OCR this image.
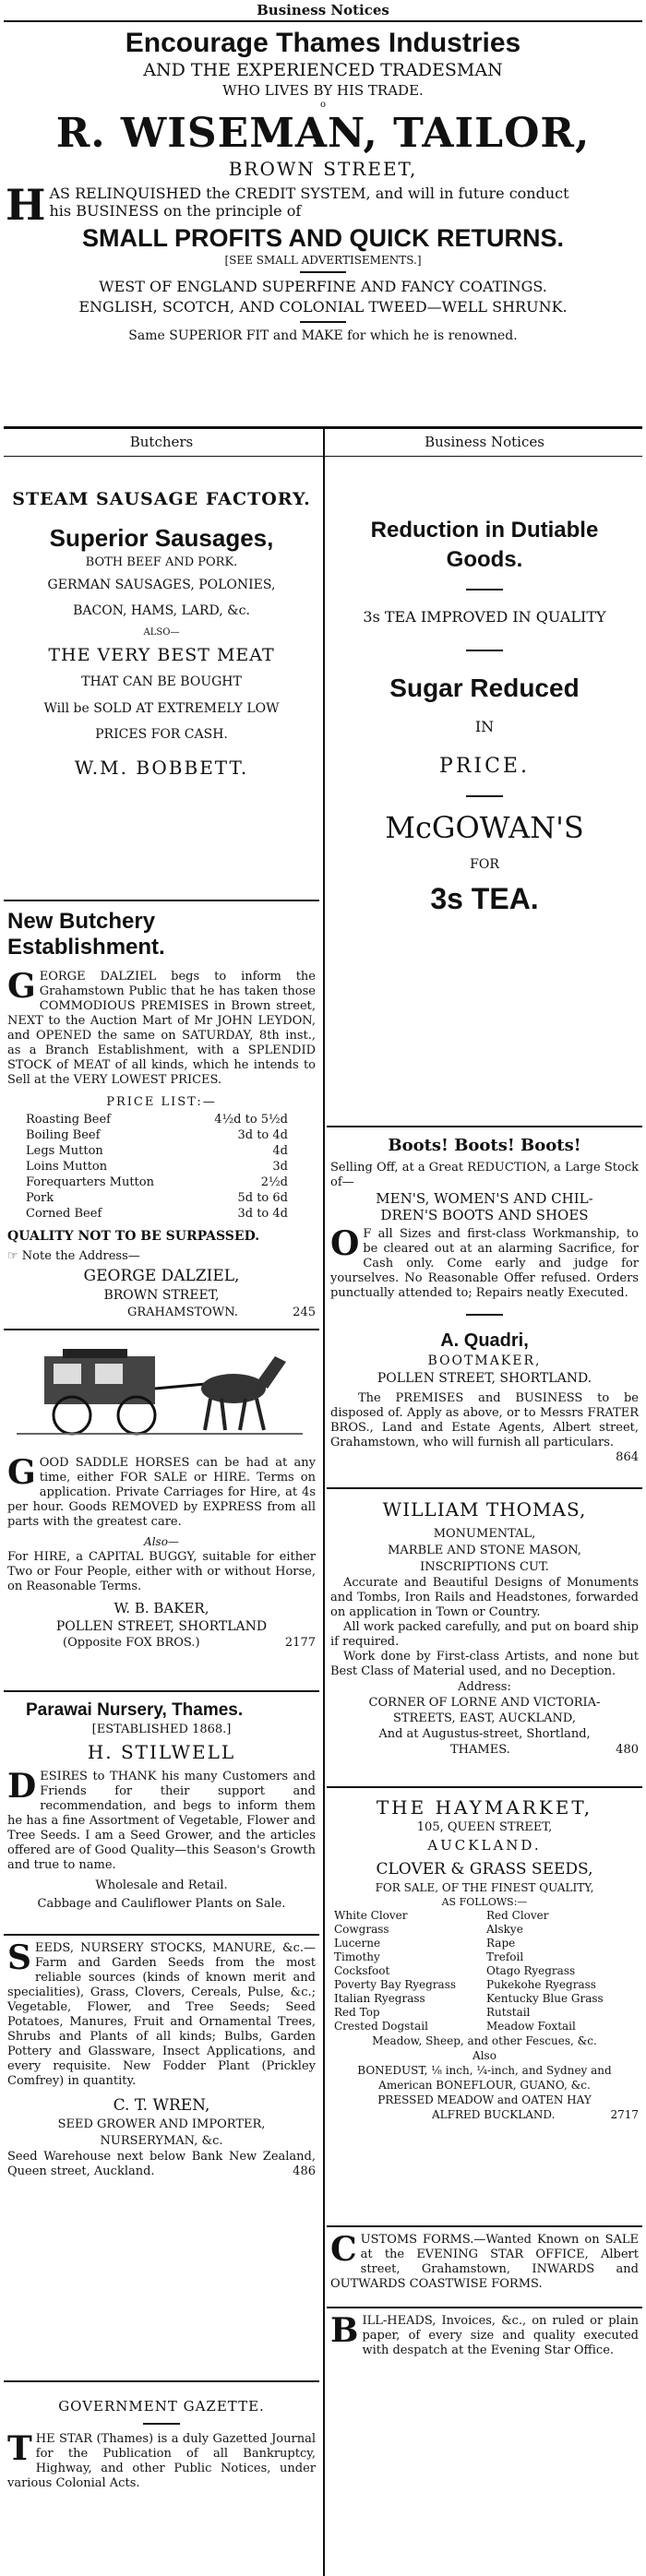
Business Notices
Encourage Thames Industries
AND THE EXPERIENCED TRADESMAN
WHO LIVES BY HIS TRADE.
o
R. WISEMAN, TAILOR,
BROWN STREET,
H AS RELINQUISHED the CREDIT SYSTEM, and will in future conduct
his BUSINESS on the principle of
SMALL PROFITS AND QUICK RETURNS.
[SEE SMALL ADVERTISEMENTS.]
WEST OF ENGLAND SUPERFINE AND FANCY COATINGS.
ENGLISH, SCOTCH, AND COLONIAL TWEED—WELL SHRUNK.
Same SUPERIOR FIT and MAKE for which he is renowned.
Butchers	Business Notices
STEAM SAUSAGE FACTORY.
Superior Sausages,
BOTH BEEF AND PORK.
GERMAN SAUSAGES, POLONIES,
BACON, HAMS, LARD, &c.
ALSO—
THE VERY BEST MEAT
THAT CAN BE BOUGHT
Will be SOLD AT EXTREMELY LOW
PRICES FOR CASH.
W.M. BOBBETT.
New Butchery Establishment.
G EORGE DALZIEL begs to inform the Grahamstown Public that he has taken those COMMODIOUS PREMISES in Brown street, NEXT to the Auction Mart of Mr JOHN LEYDON, and OPENED the same on SATURDAY, 8th inst., as a Branch Establishment, with a SPLENDID STOCK of MEAT of all kinds, which he intends to Sell at the VERY LOWEST PRICES.
PRICE LIST:—
Roasting Beef	4½d to 5½d
Boiling Beef	3d to 4d
Legs Mutton	4d
Loins Mutton	3d
Forequarters Mutton	2½d
Pork	5d to 6d
Corned Beef	3d to 4d
QUALITY NOT TO BE SURPASSED.
☞ Note the Address—
GEORGE DALZIEL,
BROWN STREET,
GRAHAMSTOWN.	245
G OOD SADDLE HORSES can be had at any time, either FOR SALE or HIRE. Terms on application. Private Carriages for Hire, at 4s per hour. Goods REMOVED by EXPRESS from all parts with the greatest care.
Also—
For HIRE, a CAPITAL BUGGY, suitable for either Two or Four People, either with or without Horse, on Reasonable Terms.
W. B. BAKER,
POLLEN STREET, SHORTLAND
(Opposite FOX BROS.)	2177
Parawai Nursery, Thames.
[ESTABLISHED 1868.]
H. STILWELL
D ESIRES to THANK his many Customers and Friends for their support and recommendation, and begs to inform them he has a fine Assortment of Vegetable, Flower and Tree Seeds. I am a Seed Grower, and the articles offered are of Good Quality—this Season's Growth and true to name.
Wholesale and Retail.
Cabbage and Cauliflower Plants on Sale.
S EEDS, NURSERY STOCKS, MANURE, &c.—Farm and Garden Seeds from the most reliable sources (kinds of known merit and specialities), Grass, Clovers, Cereals, Pulse, &c.; Vegetable, Flower, and Tree Seeds; Seed Potatoes, Manures, Fruit and Ornamental Trees, Shrubs and Plants of all kinds; Bulbs, Garden Pottery and Glassware, Insect Applications, and every requisite. New Fodder Plant (Prickley Comfrey) in quantity.
C. T. WREN,
SEED GROWER AND IMPORTER,
NURSERYMAN, &c.
Seed Warehouse next below Bank New Zealand, Queen street, Auckland.	486
GOVERNMENT GAZETTE.
T HE STAR (Thames) is a duly Gazetted Journal for the Publication of all Bankruptcy, Highway, and other Public Notices, under various Colonial Acts.
Reduction in Dutiable
Goods.
3s TEA IMPROVED IN QUALITY
Sugar Reduced
IN
PRICE.
McGOWAN'S
FOR
3s TEA.
Boots! Boots! Boots!
Selling Off, at a Great REDUCTION, a Large Stock of—
MEN'S, WOMEN'S AND CHIL-
DREN'S BOOTS AND SHOES
O F all Sizes and first-class Workmanship, to be cleared out at an alarming Sacrifice, for Cash only. Come early and judge for yourselves. No Reasonable Offer refused. Orders punctually attended to; Repairs neatly Executed.
A. Quadri,
BOOTMAKER,
POLLEN STREET, SHORTLAND.
The PREMISES and BUSINESS to be disposed of. Apply as above, or to Messrs FRATER BROS., Land and Estate Agents, Albert street, Grahamstown, who will furnish all particulars.
864
WILLIAM THOMAS,
MONUMENTAL,
MARBLE AND STONE MASON,
INSCRIPTIONS CUT.
Accurate and Beautiful Designs of Monuments and Tombs, Iron Rails and Headstones, forwarded on application in Town or Country.
All work packed carefully, and put on board ship if required.
Work done by First-class Artists, and none but Best Class of Material used, and no Deception.
Address:
CORNER OF LORNE AND VICTORIA-
STREETS, EAST, AUCKLAND,
And at Augustus-street, Shortland,
THAMES.	480
THE HAYMARKET,
105, QUEEN STREET,
AUCKLAND.
CLOVER & GRASS SEEDS,
FOR SALE, OF THE FINEST QUALITY,
AS FOLLOWS:—
White Clover	Red Clover
Cowgrass	Alskye
Lucerne	Rape
Timothy	Trefoil
Cocksfoot	Otago Ryegrass
Poverty Bay Ryegrass	Pukekohe Ryegrass
Italian Ryegrass	Kentucky Blue Grass
Red Top	Rutstail
Crested Dogstail	Meadow Foxtail
Meadow, Sheep, and other Fescues, &c.
Also
BONEDUST, ⅛ inch, ¼-inch, and Sydney and
American BONEFLOUR, GUANO, &c.
PRESSED MEADOW and OATEN HAY
ALFRED BUCKLAND.	2717
C USTOMS FORMS.—Wanted Known on SALE at the EVENING STAR OFFICE, Albert street, Grahamstown, INWARDS and OUTWARDS COASTWISE FORMS.
B ILL-HEADS, Invoices, &c., on ruled or plain paper, of every size and quality executed with despatch at the Evening Star Office.
